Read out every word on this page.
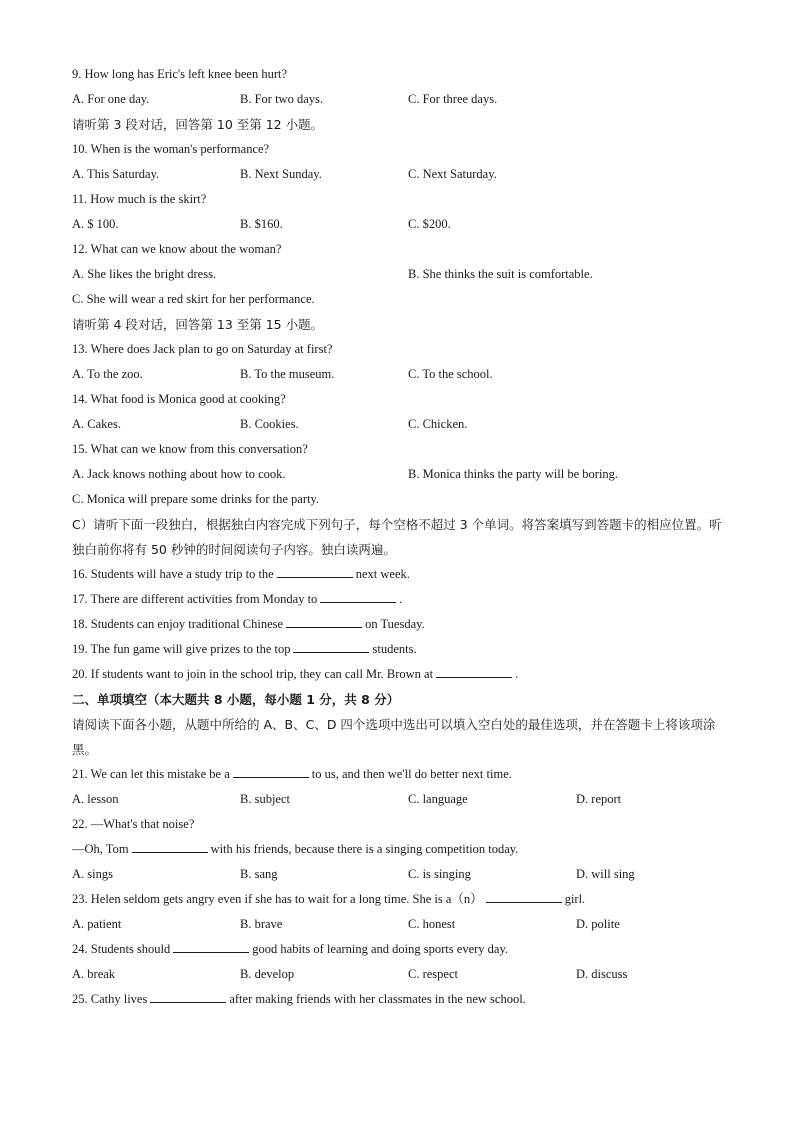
9. How long has Eric's left knee been hurt?
A. For one day.	B. For two days.	C. For three days.
请听第 3 段对话，回答第 10 至第 12 小题。
10. When is the woman's performance?
A. This Saturday.	B. Next Sunday.	C. Next Saturday.
11. How much is the skirt?
A. $ 100.	B. $160.	C. $200.
12. What can we know about the woman?
A. She likes the bright dress.	B. She thinks the suit is comfortable.
C. She will wear a red skirt for her performance.
请听第 4 段对话，回答第 13 至第 15 小题。
13. Where does Jack plan to go on Saturday at first?
A. To the zoo.	B. To the museum.	C. To the school.
14. What food is Monica good at cooking?
A. Cakes.	B. Cookies.	C. Chicken.
15. What can we know from this conversation?
A. Jack knows nothing about how to cook.	B. Monica thinks the party will be boring.
C. Monica will prepare some drinks for the party.
C）请听下面一段独白，根据独白内容完成下列句子，每个空格不超过 3 个单词。将答案填写到答题卡的相应位置。听独白前你将有 50 秒钟的时间阅读句子内容。独白读两遍。
16. Students will have a study trip to the	next week.
17. There are different activities from Monday to	.
18. Students can enjoy traditional Chinese	on Tuesday.
19. The fun game will give prizes to the top	students.
20. If students want to join in the school trip, they can call Mr. Brown at	.
二、单项填空（本大题共 8 小题，每小题 1 分，共 8 分）
请阅读下面各小题，从题中所给的 A、B、C、D 四个选项中选出可以填入空白处的最佳选项，并在答题卡上将该项涂黑。
21. We can let this mistake be a	to us, and then we'll do better next time.
A. lesson	B. subject	C. language	D. report
22. —What's that noise?
—Oh, Tom	with his friends, because there is a singing competition today.
A. sings	B. sang	C. is singing	D. will sing
23. Helen seldom gets angry even if she has to wait for a long time. She is a（n）	girl.
A. patient	B. brave	C. honest	D. polite
24. Students should	good habits of learning and doing sports every day.
A. break	B. develop	C. respect	D. discuss
25. Cathy lives	after making friends with her classmates in the new school.
